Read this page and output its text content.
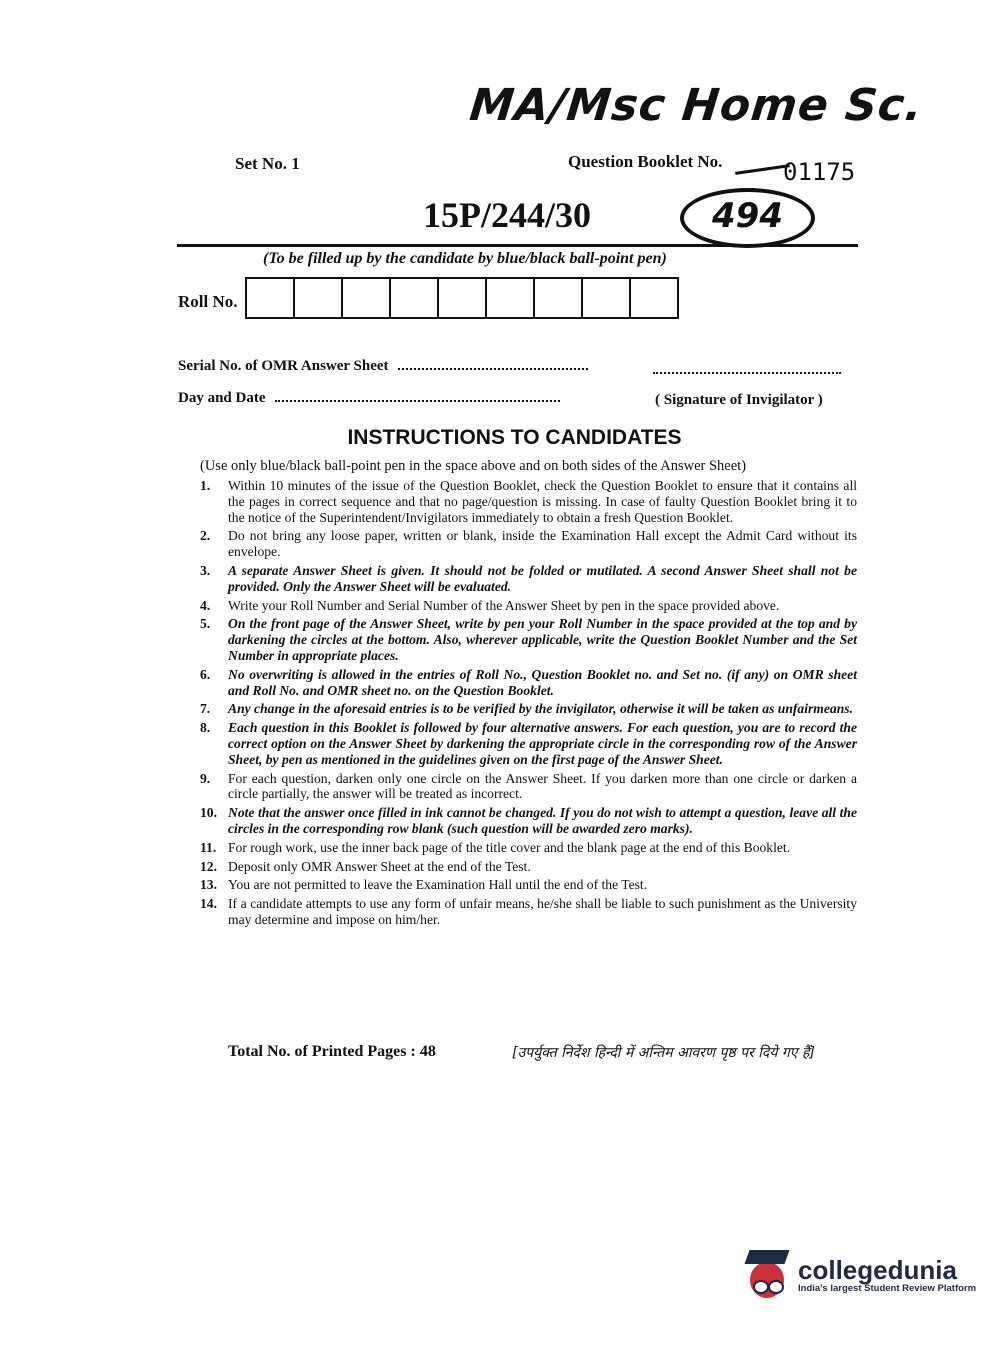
MA/Msc Home Sc.
Set No. 1	Question Booklet No.	01175
15P/244/30	494
(To be filled up by the candidate by blue/black ball-point pen)
Roll No.
Serial No. of OMR Answer Sheet
Day and Date	( Signature of Invigilator )
INSTRUCTIONS TO CANDIDATES
(Use only blue/black ball-point pen in the space above and on both sides of the Answer Sheet)
1.	Within 10 minutes of the issue of the Question Booklet, check the Question Booklet to ensure that it contains all the pages in correct sequence and that no page/question is missing. In case of faulty Question Booklet bring it to the notice of the Superintendent/Invigilators immediately to obtain a fresh Question Booklet.
2.	Do not bring any loose paper, written or blank, inside the Examination Hall except the Admit Card without its envelope.
3.	A separate Answer Sheet is given. It should not be folded or mutilated. A second Answer Sheet shall not be provided. Only the Answer Sheet will be evaluated.
4.	Write your Roll Number and Serial Number of the Answer Sheet by pen in the space provided above.
5.	On the front page of the Answer Sheet, write by pen your Roll Number in the space provided at the top and by darkening the circles at the bottom. Also, wherever applicable, write the Question Booklet Number and the Set Number in appropriate places.
6.	No overwriting is allowed in the entries of Roll No., Question Booklet no. and Set no. (if any) on OMR sheet and Roll No. and OMR sheet no. on the Question Booklet.
7.	Any change in the aforesaid entries is to be verified by the invigilator, otherwise it will be taken as unfairmeans.
8.	Each question in this Booklet is followed by four alternative answers. For each question, you are to record the correct option on the Answer Sheet by darkening the appropriate circle in the corresponding row of the Answer Sheet, by pen as mentioned in the guidelines given on the first page of the Answer Sheet.
9.	For each question, darken only one circle on the Answer Sheet. If you darken more than one circle or darken a circle partially, the answer will be treated as incorrect.
10. Note that the answer once filled in ink cannot be changed. If you do not wish to attempt a question, leave all the circles in the corresponding row blank (such question will be awarded zero marks).
11. For rough work, use the inner back page of the title cover and the blank page at the end of this Booklet.
12. Deposit only OMR Answer Sheet at the end of the Test.
13. You are not permitted to leave the Examination Hall until the end of the Test.
14. If a candidate attempts to use any form of unfair means, he/she shall be liable to such punishment as the University may determine and impose on him/her.
Total No. of Printed Pages : 48	[उपर्युक्त निर्देश हिन्दी में अन्तिम आवरण पृष्ठ पर दिये गए हैं]
collegedunia
India's largest Student Review Platform
